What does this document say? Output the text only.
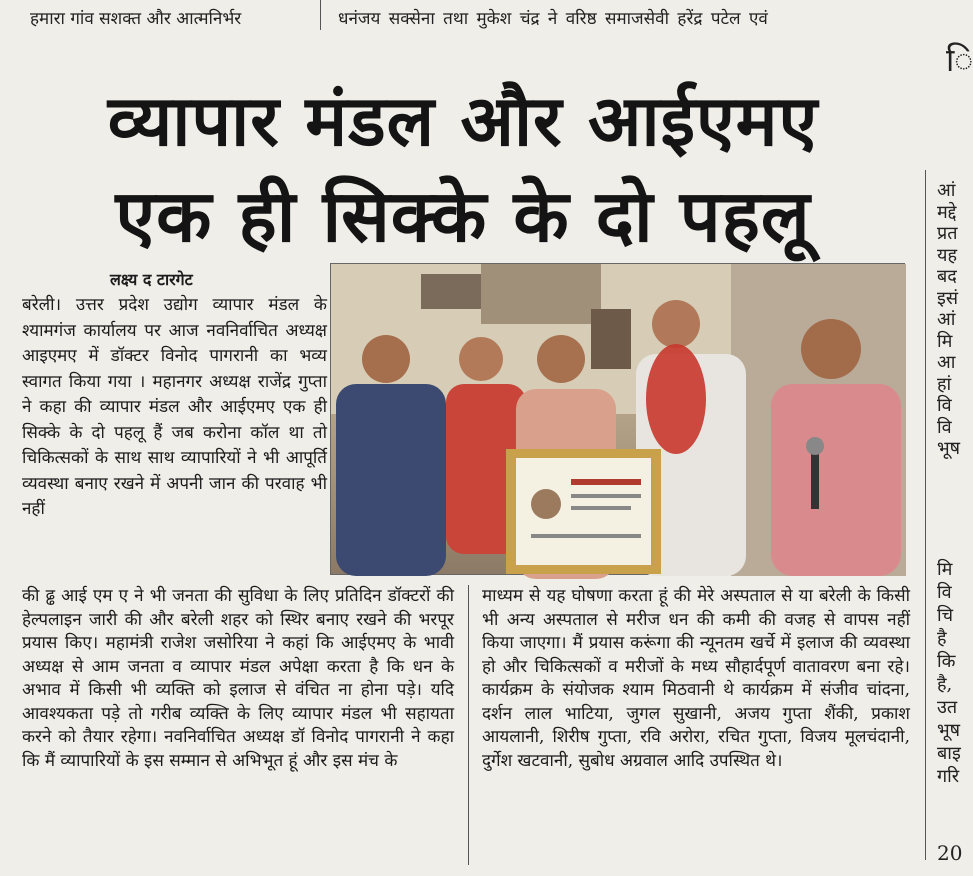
हमारा गांव सशक्त और आत्मनिर्भर	धनंजय सक्सेना तथा मुकेश चंद्र ने वरिष्ठ समाजसेवी हरेंद्र पटेल एवं
व्यापार मंडल और आईएमए
एक ही सिक्के के दो पहलू
ि
आं
मद्दे
प्रत
यह
बद
इसं
आं
मि
आ
हां
वि
वि
भूष
मि
वि
चि
है
कि
है,
उत
भूष
बाइ
गरि
20
लक्ष्य द टारगेट
बरेली। उत्तर प्रदेश उद्योग व्यापार मंडल के श्यामगंज कार्यालय पर आज नवनिर्वाचित अध्यक्ष आइएमए में डॉक्टर विनोद पागरानी का भव्य स्वागत किया गया । महानगर अध्यक्ष राजेंद्र गुप्ता ने कहा की व्यापार मंडल और आईएमए एक ही सिक्के के दो पहलू हैं जब करोना कॉल था तो चिकित्सकों के साथ साथ व्यापारियों ने भी आपूर्ति व्यवस्था बनाए रखने में अपनी जान की परवाह भी नहीं
की ढ्ढ आई एम ए ने भी जनता की सुविधा के लिए प्रतिदिन डॉक्टरों की हेल्पलाइन जारी की और बरेली शहर को स्थिर बनाए रखने की भरपूर प्रयास किए। महामंत्री राजेश जसोरिया ने कहां कि आईएमए के भावी अध्यक्ष से आम जनता व व्यापार मंडल अपेक्षा करता है कि धन के अभाव में किसी भी व्यक्ति को इलाज से वंचित ना होना पड़े। यदि आवश्यकता पड़े तो गरीब व्यक्ति के लिए व्यापार मंडल भी सहायता करने को तैयार रहेगा। नवनिर्वाचित अध्यक्ष डॉ विनोद पागरानी ने कहा कि मैं व्यापारियों के इस सम्मान से अभिभूत हूं और इस मंच के
माध्यम से यह घोषणा करता हूं की मेरे अस्पताल से या बरेली के किसी भी अन्य अस्पताल से मरीज धन की कमी की वजह से वापस नहीं किया जाएगा। मैं प्रयास करूंगा की न्यूनतम खर्चे में इलाज की व्यवस्था हो और चिकित्सकों व मरीजों के मध्य सौहार्दपूर्ण वातावरण बना रहे। कार्यक्रम के संयोजक श्याम मिठवानी थे कार्यक्रम में संजीव चांदना, दर्शन लाल भाटिया, जुगल सुखानी, अजय गुप्ता शैंकी, प्रकाश आयलानी, शिरीष गुप्ता, रवि अरोरा, रचित गुप्ता, विजय मूलचंदानी, दुर्गेश खटवानी, सुबोध अग्रवाल आदि उपस्थित थे।
